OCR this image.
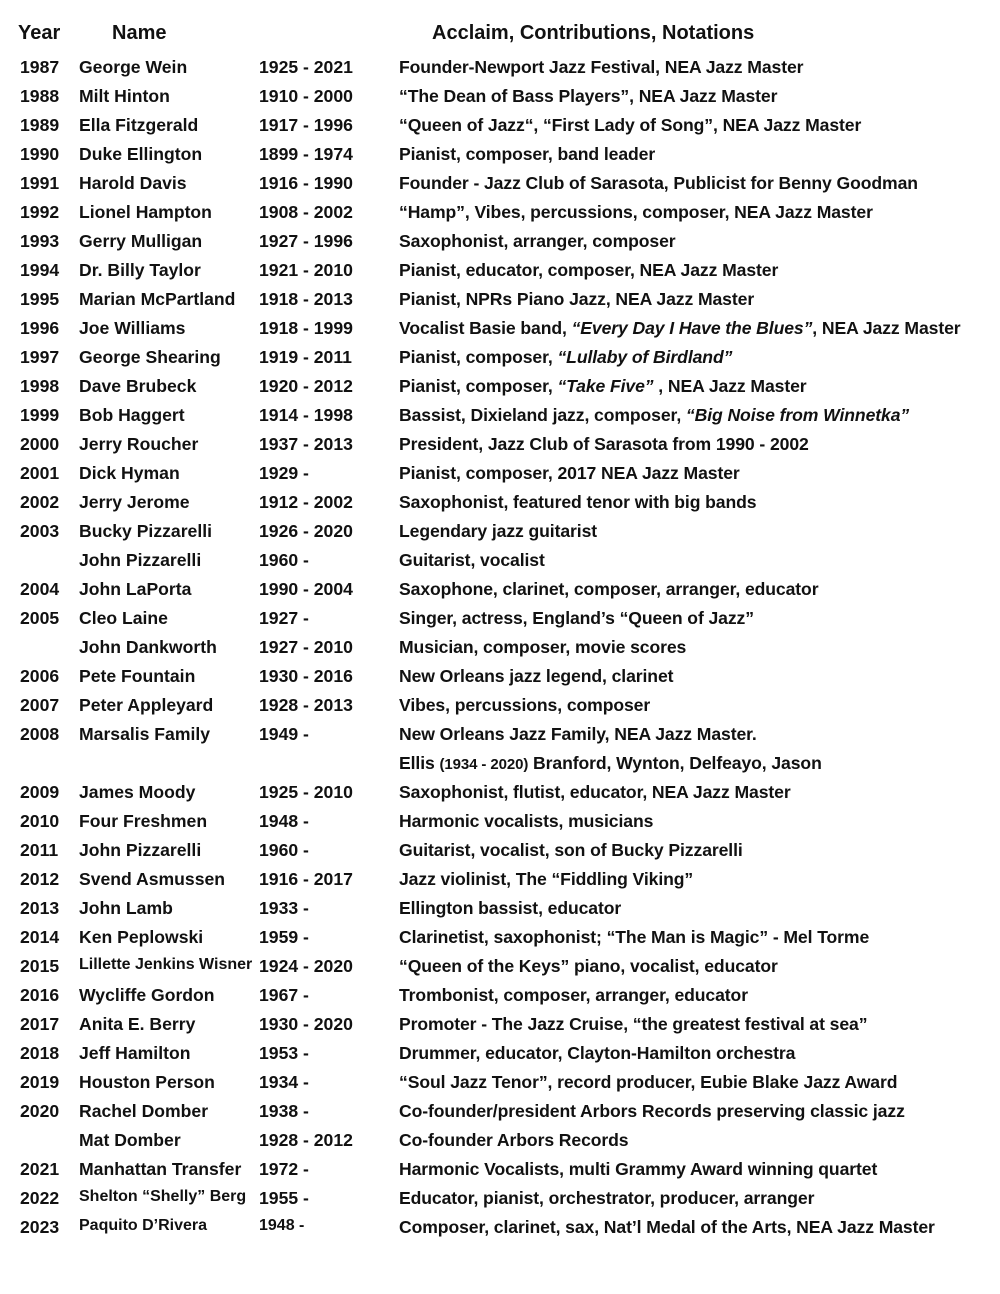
Year	Name	Acclaim, Contributions, Notations
1987 George Wein	1925 - 2021	Founder-Newport Jazz Festival, NEA Jazz Master
1988 Milt Hinton	1910 - 2000	“The Dean of Bass Players”, NEA Jazz Master
1989 Ella Fitzgerald	1917 - 1996	“Queen of Jazz“, “First Lady of Song”, NEA Jazz Master
1990 Duke Ellington	1899 - 1974	Pianist, composer, band leader
1991 Harold Davis	1916 - 1990	Founder - Jazz Club of Sarasota, Publicist for Benny Goodman
1992 Lionel Hampton	1908 - 2002	“Hamp”, Vibes, percussions, composer, NEA Jazz Master
1993 Gerry Mulligan	1927 - 1996	Saxophonist, arranger, composer
1994 Dr. Billy Taylor	1921 - 2010	Pianist, educator, composer, NEA Jazz Master
1995 Marian McPartland 1918 - 2013	Pianist, NPRs Piano Jazz, NEA Jazz Master
1996 Joe Williams	1918 - 1999	Vocalist Basie band, “Every Day I Have the Blues”, NEA Jazz Master
1997 George Shearing 1919 - 2011	Pianist, composer, “Lullaby of Birdland”
1998 Dave Brubeck	1920 - 2012	Pianist, composer, “Take Five” , NEA Jazz Master
1999 Bob Haggert	1914 - 1998	Bassist, Dixieland jazz, composer, “Big Noise from Winnetka”
2000 Jerry Roucher	1937 - 2013	President, Jazz Club of Sarasota from 1990 - 2002
2001 Dick Hyman	1929 -	Pianist, composer, 2017 NEA Jazz Master
2002 Jerry Jerome	1912 - 2002	Saxophonist, featured tenor with big bands
2003 Bucky Pizzarelli	1926 - 2020	Legendary jazz guitarist
John Pizzarelli	1960 -	Guitarist, vocalist
2004 John LaPorta	1990 - 2004	Saxophone, clarinet, composer, arranger, educator
2005 Cleo Laine	1927 -	Singer, actress, England’s “Queen of Jazz”
John Dankworth 1927 - 2010	Musician, composer, movie scores
2006 Pete Fountain	1930 - 2016	New Orleans jazz legend, clarinet
2007 Peter Appleyard	1928 - 2013	Vibes, percussions, composer
2008 Marsalis Family	1949 -	New Orleans Jazz Family, NEA Jazz Master.
Ellis (1934 - 2020) Branford, Wynton, Delfeayo, Jason
2009 James Moody	1925 - 2010	Saxophonist, flutist, educator, NEA Jazz Master
2010 Four Freshmen	1948 -	Harmonic vocalists, musicians
2011 John Pizzarelli	1960 -	Guitarist, vocalist, son of Bucky Pizzarelli
2012 Svend Asmussen 1916 - 2017	Jazz violinist, The “Fiddling Viking”
2013 John Lamb	1933 -	Ellington bassist, educator
2014 Ken Peplowski	1959 -	Clarinetist, saxophonist; “The Man is Magic” - Mel Torme
2015 Lillette Jenkins Wisner 1924 - 2020	“Queen of the Keys” piano, vocalist, educator
2016 Wycliffe Gordon	1967 -	Trombonist, composer, arranger, educator
2017 Anita E. Berry	1930 - 2020	Promoter - The Jazz Cruise, “the greatest festival at sea”
2018 Jeff Hamilton	1953 -	Drummer, educator, Clayton-Hamilton orchestra
2019 Houston Person	1934 -	“Soul Jazz Tenor”, record producer, Eubie Blake Jazz Award
2020 Rachel Domber	1938 -	Co-founder/president Arbors Records preserving classic jazz
Mat Domber	1928 - 2012	Co-founder Arbors Records
2021 Manhattan Transfer 1972 -	Harmonic Vocalists, multi Grammy Award winning quartet
2022 Shelton “Shelly” Berg 1955 -	Educator, pianist, orchestrator, producer, arranger
2023 Paquito D’Rivera	1948 -	Composer, clarinet, sax, Nat’l Medal of the Arts, NEA Jazz Master
